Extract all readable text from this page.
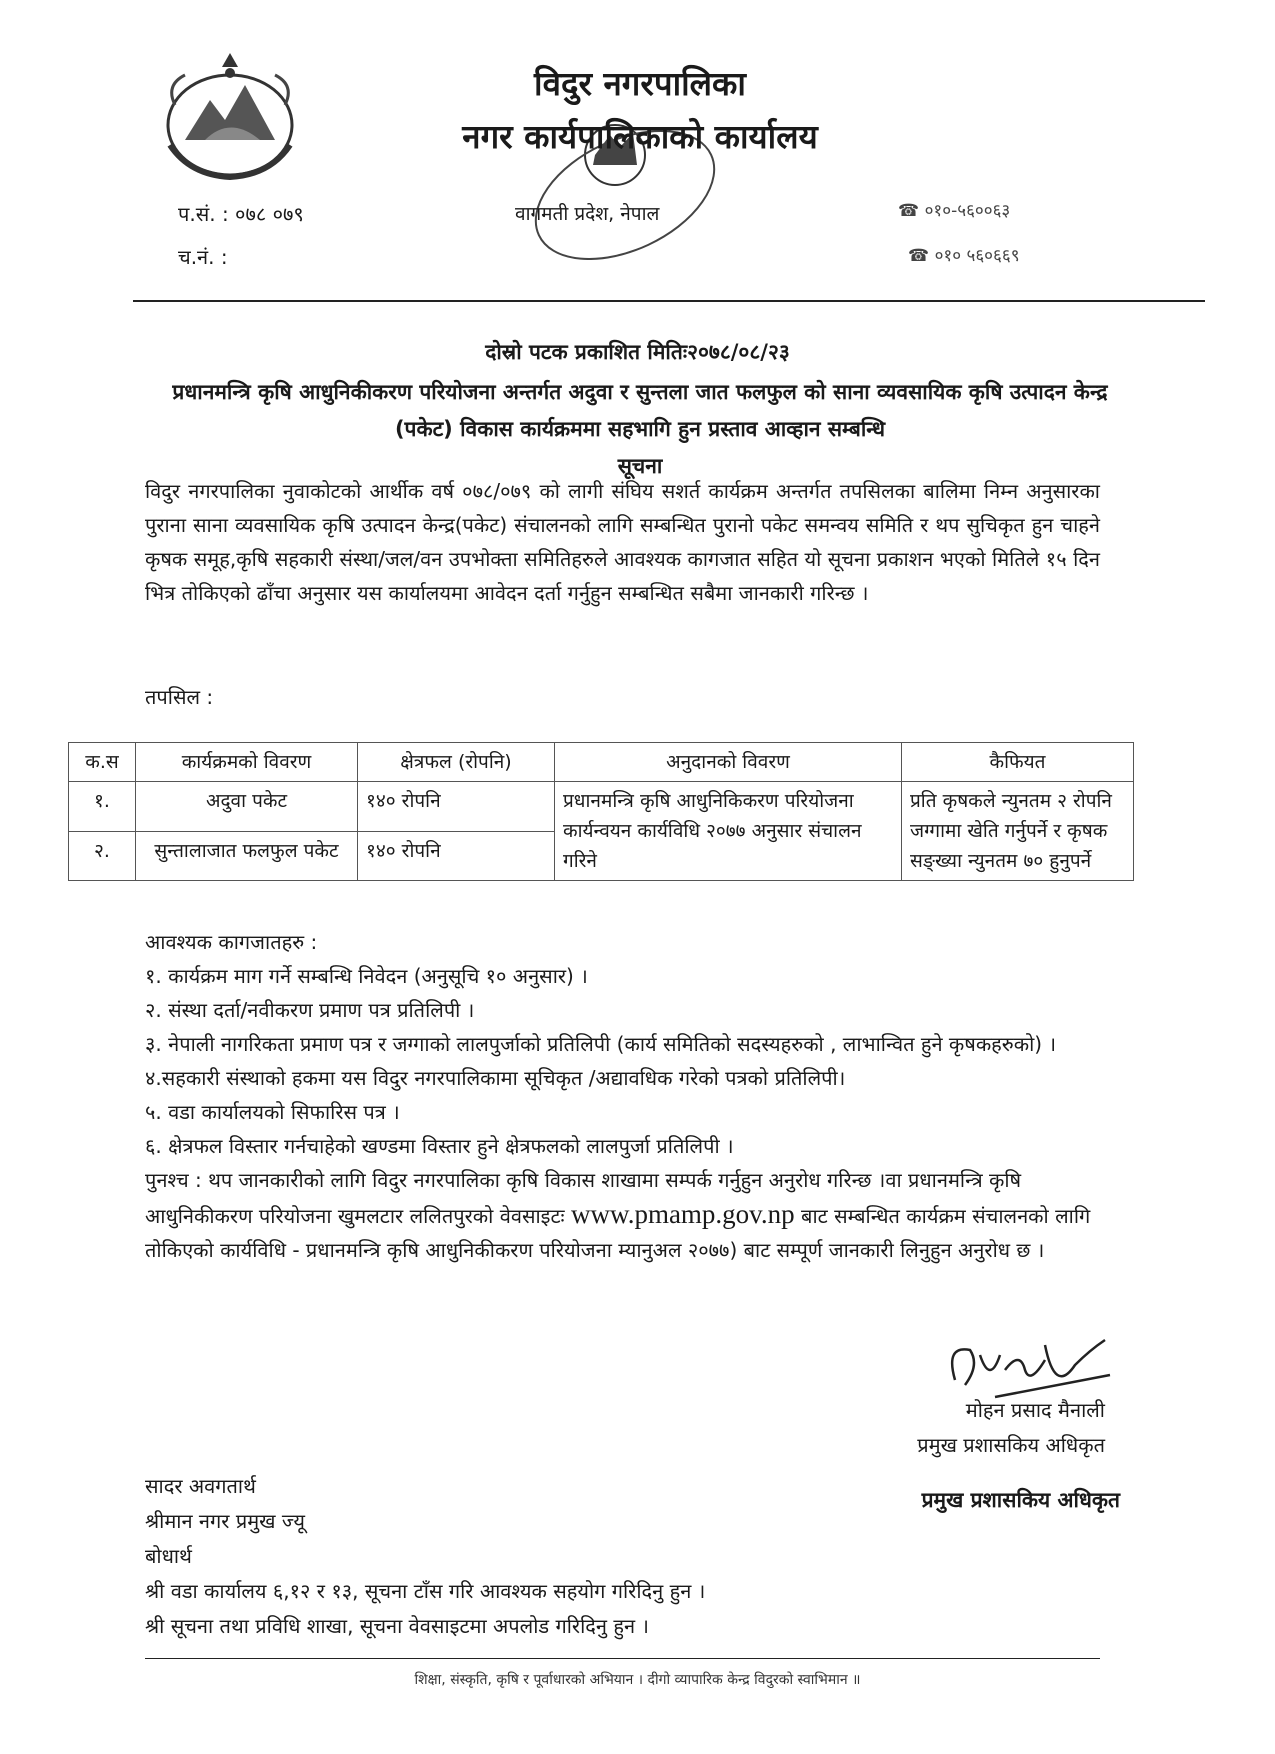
विदुर नगरपालिका
नगर कार्यपालिकाको कार्यालय
वागमती प्रदेश, नेपाल
प.सं. : ०७८ ०७९
च.नं. :
☎ ०१०-५६००६३
☎ ०१० ५६०६६९
दोस्रो पटक प्रकाशित मितिः२०७८/०८/२३
प्रधानमन्त्रि कृषि आधुनिकीकरण परियोजना अन्तर्गत अदुवा र सुन्तला जात फलफुल को साना व्यवसायिक कृषि उत्पादन केन्द्र (पकेट) विकास कार्यक्रममा सहभागि हुन प्रस्ताव आव्हान सम्बन्धि
सूचना
विदुर नगरपालिका नुवाकोटको आर्थीक वर्ष ०७८/०७९ को लागी संघिय सशर्त कार्यक्रम अन्तर्गत तपसिलका बालिमा निम्न अनुसारका पुराना साना व्यवसायिक कृषि उत्पादन केन्द्र(पकेट) संचालनको लागि सम्बन्धित पुरानो पकेट समन्वय समिति र थप सुचिकृत हुन चाहने कृषक समूह,कृषि सहकारी संस्था/जल/वन उपभोक्ता समितिहरुले आवश्यक कागजात सहित यो सूचना प्रकाशन भएको मितिले १५ दिन भित्र तोकिएको ढाँचा अनुसार यस कार्यालयमा आवेदन दर्ता गर्नुहुन सम्बन्धित सबैमा जानकारी गरिन्छ ।
तपसिल :
क.स	कार्यक्रमको विवरण	क्षेत्रफल (रोपनि)	अनुदानको विवरण	कैफियत
१.	अदुवा पकेट	१४० रोपनि	प्रधानमन्त्रि कृषि आधुनिकिकरण परियोजना कार्यन्वयन कार्यविधि २०७७ अनुसार संचालन गरिने	प्रति कृषकले न्युनतम २ रोपनि जग्गामा खेति गर्नुपर्ने र कृषक सङ्ख्या न्युनतम ७० हुनुपर्ने
२.	सुन्तालाजात फलफुल पकेट	१४० रोपनि		
आवश्यक कागजातहरु :
१. कार्यक्रम माग गर्ने सम्बन्धि निवेदन (अनुसूचि १० अनुसार) ।
२. संस्था दर्ता/नवीकरण प्रमाण पत्र प्रतिलिपी ।
३. नेपाली नागरिकता प्रमाण पत्र र जग्गाको लालपुर्जाको प्रतिलिपी (कार्य समितिको सदस्यहरुको , लाभान्वित हुने कृषकहरुको) ।
४.सहकारी संस्थाको हकमा यस विदुर नगरपालिकामा सूचिकृत /अद्यावधिक गरेको पत्रको प्रतिलिपी।
५. वडा कार्यालयको सिफारिस पत्र ।
६. क्षेत्रफल विस्तार गर्नचाहेको खण्डमा विस्तार हुने क्षेत्रफलको लालपुर्जा प्रतिलिपी ।
पुनश्च : थप जानकारीको लागि विदुर नगरपालिका कृषि विकास शाखामा सम्पर्क गर्नुहुन अनुरोध गरिन्छ ।वा प्रधानमन्त्रि कृषि आधुनिकीकरण परियोजना खुमलटार ललितपुरको वेवसाइटः www.pmamp.gov.np बाट सम्बन्धित कार्यक्रम संचालनको लागि तोकिएको कार्यविधि - प्रधानमन्त्रि कृषि आधुनिकीकरण परियोजना म्यानुअल २०७७) बाट सम्पूर्ण जानकारी लिनुहुन अनुरोध छ ।
मोहन प्रसाद मैनाली
प्रमुख प्रशासकिय अधिकृत
प्रमुख प्रशासकिय अधिकृत
सादर अवगतार्थ
श्रीमान नगर प्रमुख ज्यू
बोधार्थ
श्री वडा कार्यालय ६,१२ र १३, सूचना टाँस गरि आवश्यक सहयोग गरिदिनु हुन ।
श्री सूचना तथा प्रविधि शाखा, सूचना वेवसाइटमा अपलोड गरिदिनु हुन ।
शिक्षा, संस्कृति, कृषि र पूर्वाधारको अभियान । दीगो व्यापारिक केन्द्र विदुरको स्वाभिमान ॥
